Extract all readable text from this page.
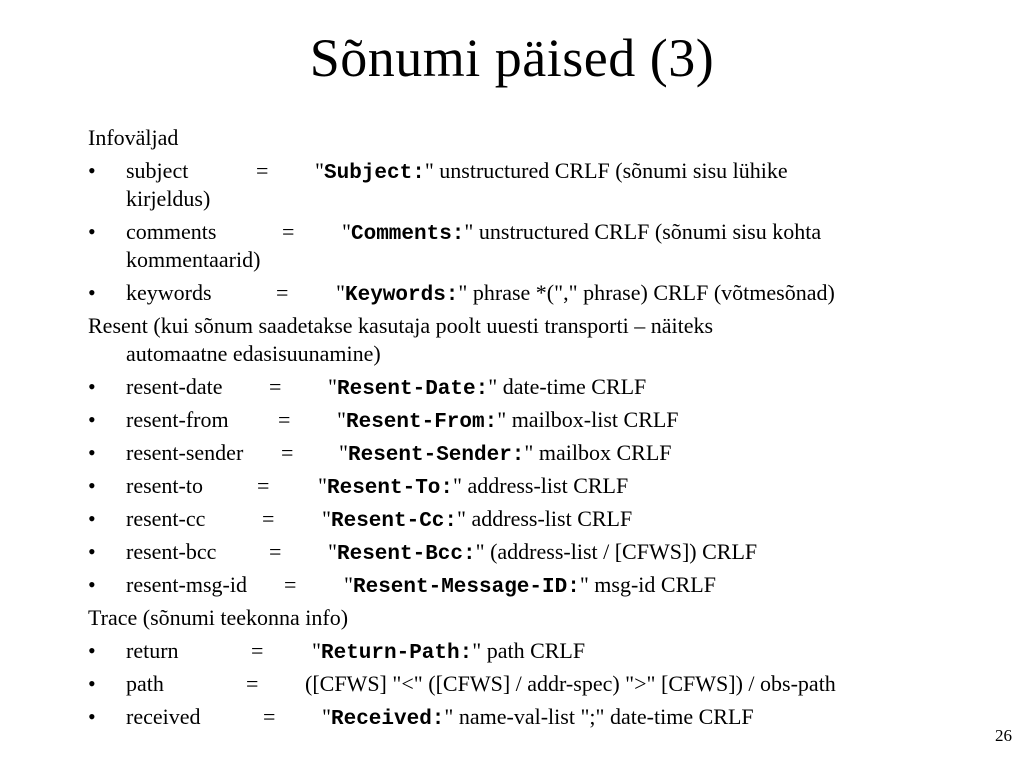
Sõnumi päised (3)

Infoväljad

• subject	= "Subject:" unstructured CRLF (sõnumi sisu lühike
kirjeldus)
• comments	= "Comments:" unstructured CRLF (sõnumi sisu kohta
kommentaarid)
• keywords	= "Keywords:" phrase *("," phrase) CRLF (võtmesõnad)

Resent (kui sõnum saadetakse kasutaja poolt uuesti transporti – näiteks

automaatne edasisuunamine)
• resent-date = "Resent-Date:" date-time CRLF
• resent-from = "Resent-From:" mailbox-list CRLF
• resent-sender = "Resent-Sender:" mailbox CRLF
• resent-to = "Resent-To:" address-list CRLF
• resent-cc	= "Resent-Cc:" address-list CRLF
• resent-bcc = "Resent-Bcc:" (address-list / [CFWS]) CRLF
• resent-msg-id = "Resent-Message-ID:" msg-id CRLF

Trace (sõnumi teekonna info)

• return	= "Return-Path:" path CRLF
• path	= ([CFWS] "<" ([CFWS] / addr-spec) ">" [CFWS]) / obs-path
• received	= "Received:" name-val-list ";" date-time CRLF
26
